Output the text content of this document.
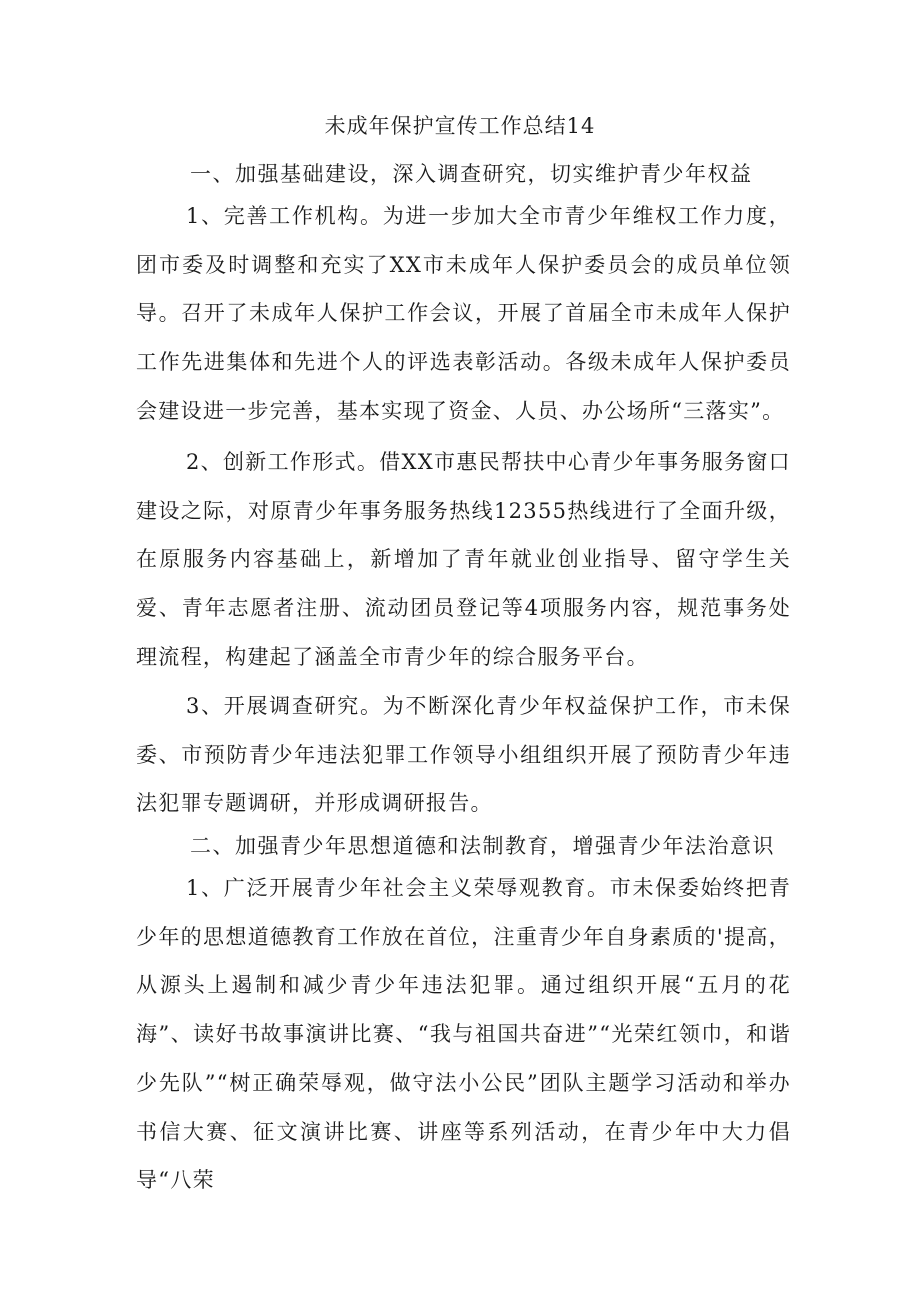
未成年保护宣传工作总结14
一、加强基础建设，深入调查研究，切实维护青少年权益
1、完善工作机构。为进一步加大全市青少年维权工作力度，团市委及时调整和充实了XX市未成年人保护委员会的成员单位领导。召开了未成年人保护工作会议，开展了首届全市未成年人保护工作先进集体和先进个人的评选表彰活动。各级未成年人保护委员会建设进一步完善，基本实现了资金、人员、办公场所“三落实”。
2、创新工作形式。借XX市惠民帮扶中心青少年事务服务窗口建设之际，对原青少年事务服务热线12355热线进行了全面升级，在原服务内容基础上，新增加了青年就业创业指导、留守学生关爱、青年志愿者注册、流动团员登记等4项服务内容，规范事务处理流程，构建起了涵盖全市青少年的综合服务平台。
3、开展调查研究。为不断深化青少年权益保护工作，市未保委、市预防青少年违法犯罪工作领导小组组织开展了预防青少年违法犯罪专题调研，并形成调研报告。
二、加强青少年思想道德和法制教育，增强青少年法治意识
1、广泛开展青少年社会主义荣辱观教育。市未保委始终把青少年的思想道德教育工作放在首位，注重青少年自身素质的'提高，从源头上遏制和减少青少年违法犯罪。通过组织开展“五月的花海”、读好书故事演讲比赛、“我与祖国共奋进”“光荣红领巾，和谐少先队”“树正确荣辱观，做守法小公民”团队主题学习活动和举办书信大赛、征文演讲比赛、讲座等系列活动，在青少年中大力倡导“八荣
